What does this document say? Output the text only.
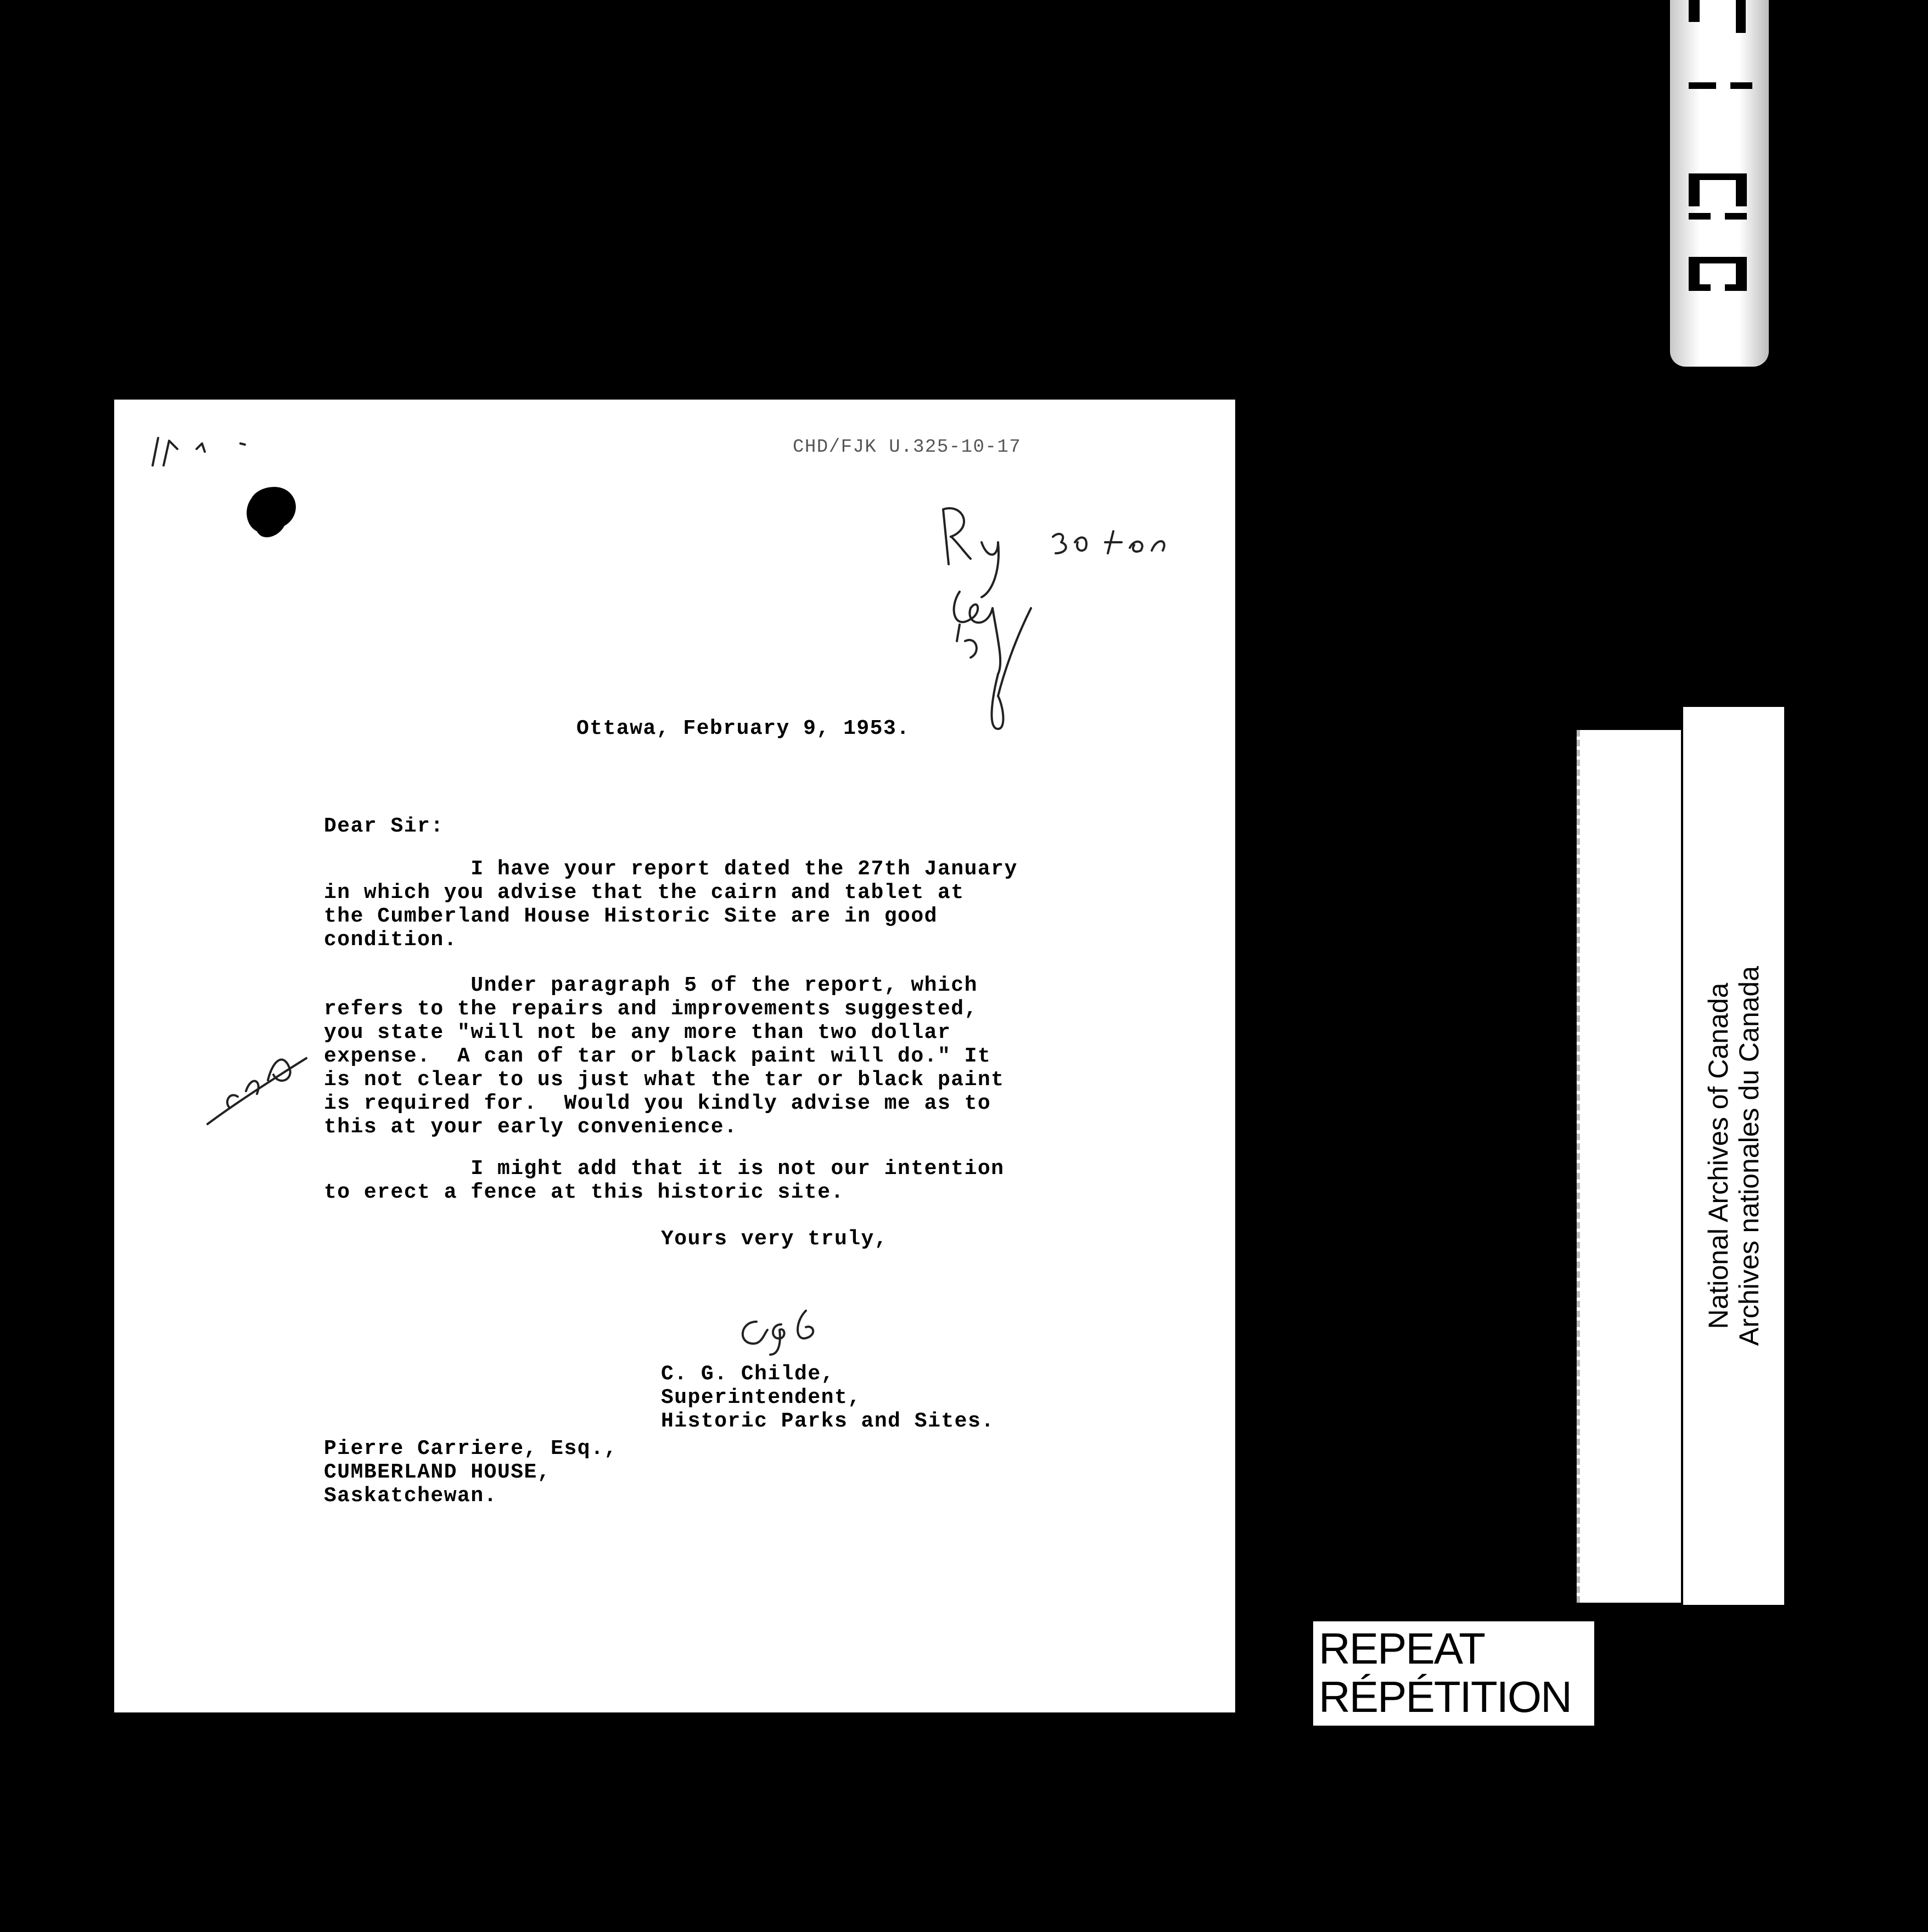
CHD/FJK U.325-10-17
Ottawa, February 9, 1953.
Dear Sir:
I have your report dated the 27th January
in which you advise that the cairn and tablet at
the Cumberland House Historic Site are in good
condition.
Under paragraph 5 of the report, which
refers to the repairs and improvements suggested,
you state "will not be any more than two dollar
expense.  A can of tar or black paint will do." It
is not clear to us just what the tar or black paint
is required for.  Would you kindly advise me as to
this at your early convenience.
I might add that it is not our intention
to erect a fence at this historic site.
Yours very truly,
C. G. Childe,
Superintendent,
Historic Parks and Sites.
Pierre Carriere, Esq.,
CUMBERLAND HOUSE,
Saskatchewan.
National Archives of Canada Archives nationales du Canada
REPEAT
RÉPÉTITION
